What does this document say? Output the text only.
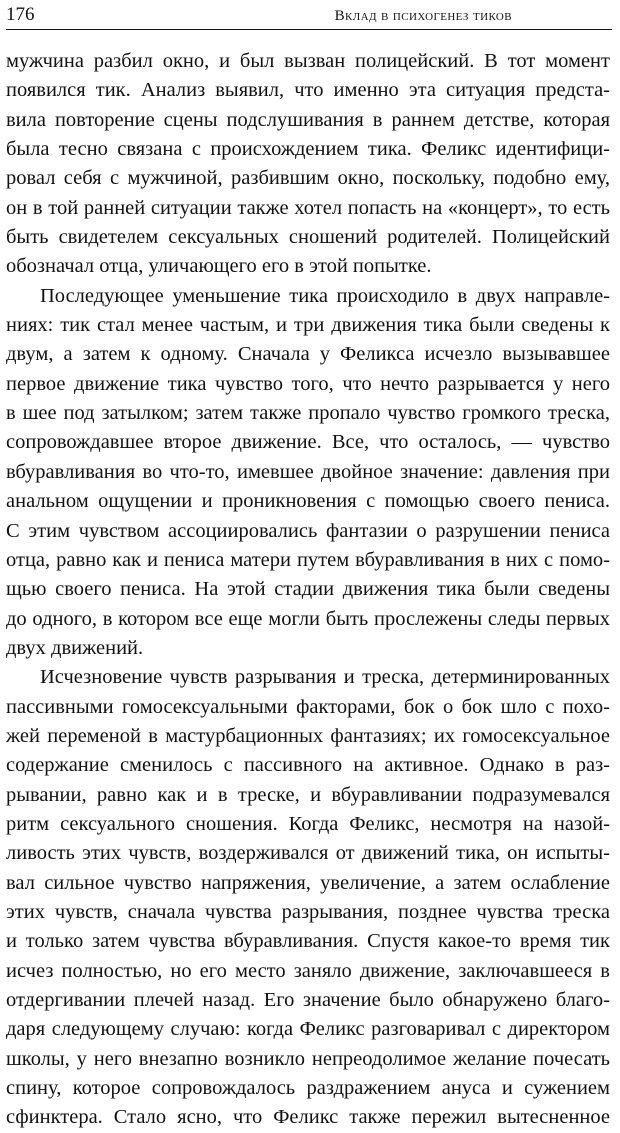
176	Вклад в психогенез тиков
мужчина разбил окно, и был вызван полицейский. В тот момент
появился тик. Анализ выявил, что именно эта ситуация предста-
вила повторение сцены подслушивания в раннем детстве, которая
была тесно связана с происхождением тика. Феликс идентифици-
ровал себя с мужчиной, разбившим окно, поскольку, подобно ему,
он в той ранней ситуации также хотел попасть на «концерт», то есть
быть свидетелем сексуальных сношений родителей. Полицейский
обозначал отца, уличающего его в этой попытке.
Последующее уменьшение тика происходило в двух направле-
ниях: тик стал менее частым, и три движения тика были сведены к
двум, а затем к одному. Сначала у Феликса исчезло вызывавшее
первое движение тика чувство того, что нечто разрывается у него
в шее под затылком; затем также пропало чувство громкого треска,
сопровождавшее второе движение. Все, что осталось, — чувство
вбуравливания во что-то, имевшее двойное значение: давления при
анальном ощущении и проникновения с помощью своего пениса.
С этим чувством ассоциировались фантазии о разрушении пениса
отца, равно как и пениса матери путем вбуравливания в них с помо-
щью своего пениса. На этой стадии движения тика были сведены
до одного, в котором все еще могли быть прослежены следы первых
двух движений.
Исчезновение чувств разрывания и треска, детерминированных
пассивными гомосексуальными факторами, бок о бок шло с похо-
жей переменой в мастурбационных фантазиях; их гомосексуальное
содержание сменилось с пассивного на активное. Однако в раз-
рывании, равно как и в треске, и вбуравливании подразумевался
ритм сексуального сношения. Когда Феликс, несмотря на назой-
ливость этих чувств, воздерживался от движений тика, он испыты-
вал сильное чувство напряжения, увеличение, а затем ослабление
этих чувств, сначала чувства разрывания, позднее чувства треска
и только затем чувства вбуравливания. Спустя какое-то время тик
исчез полностью, но его место заняло движение, заключавшееся в
отдергивании плечей назад. Его значение было обнаружено благо-
даря следующему случаю: когда Феликс разговаривал с директором
школы, у него внезапно возникло непреодолимое желание почесать
спину, которое сопровождалось раздражением ануса и сужением
сфинктера. Стало ясно, что Феликс также пережил вытесненное
